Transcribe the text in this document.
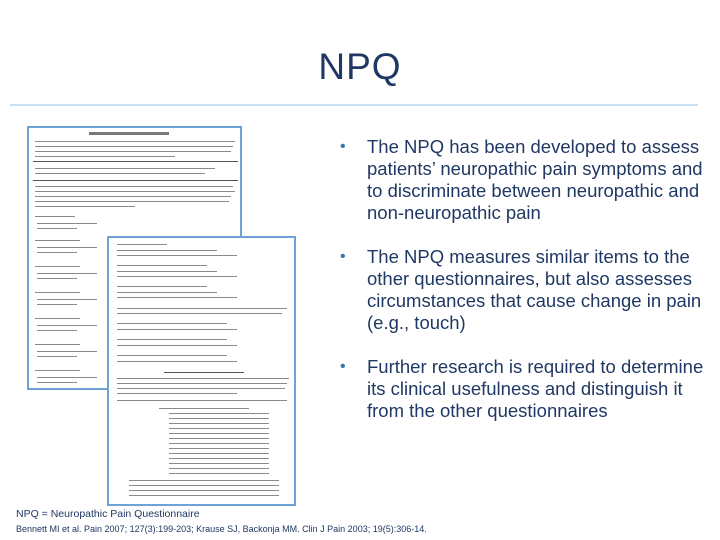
NPQ
• The NPQ has been developed to assess patients’ neuropathic pain symptoms and to discriminate between neuropathic and non-neuropathic pain
• The NPQ measures similar items to the other questionnaires, but also assesses circumstances that cause change in pain (e.g., touch)
• Further research is required to determine its clinical usefulness and distinguish it from the other questionnaires
NPQ = Neuropathic Pain Questionnaire
Bennett MI et al. Pain 2007; 127(3):199-203; Krause SJ, Backonja MM. Clin J Pain 2003; 19(5):306-14.
